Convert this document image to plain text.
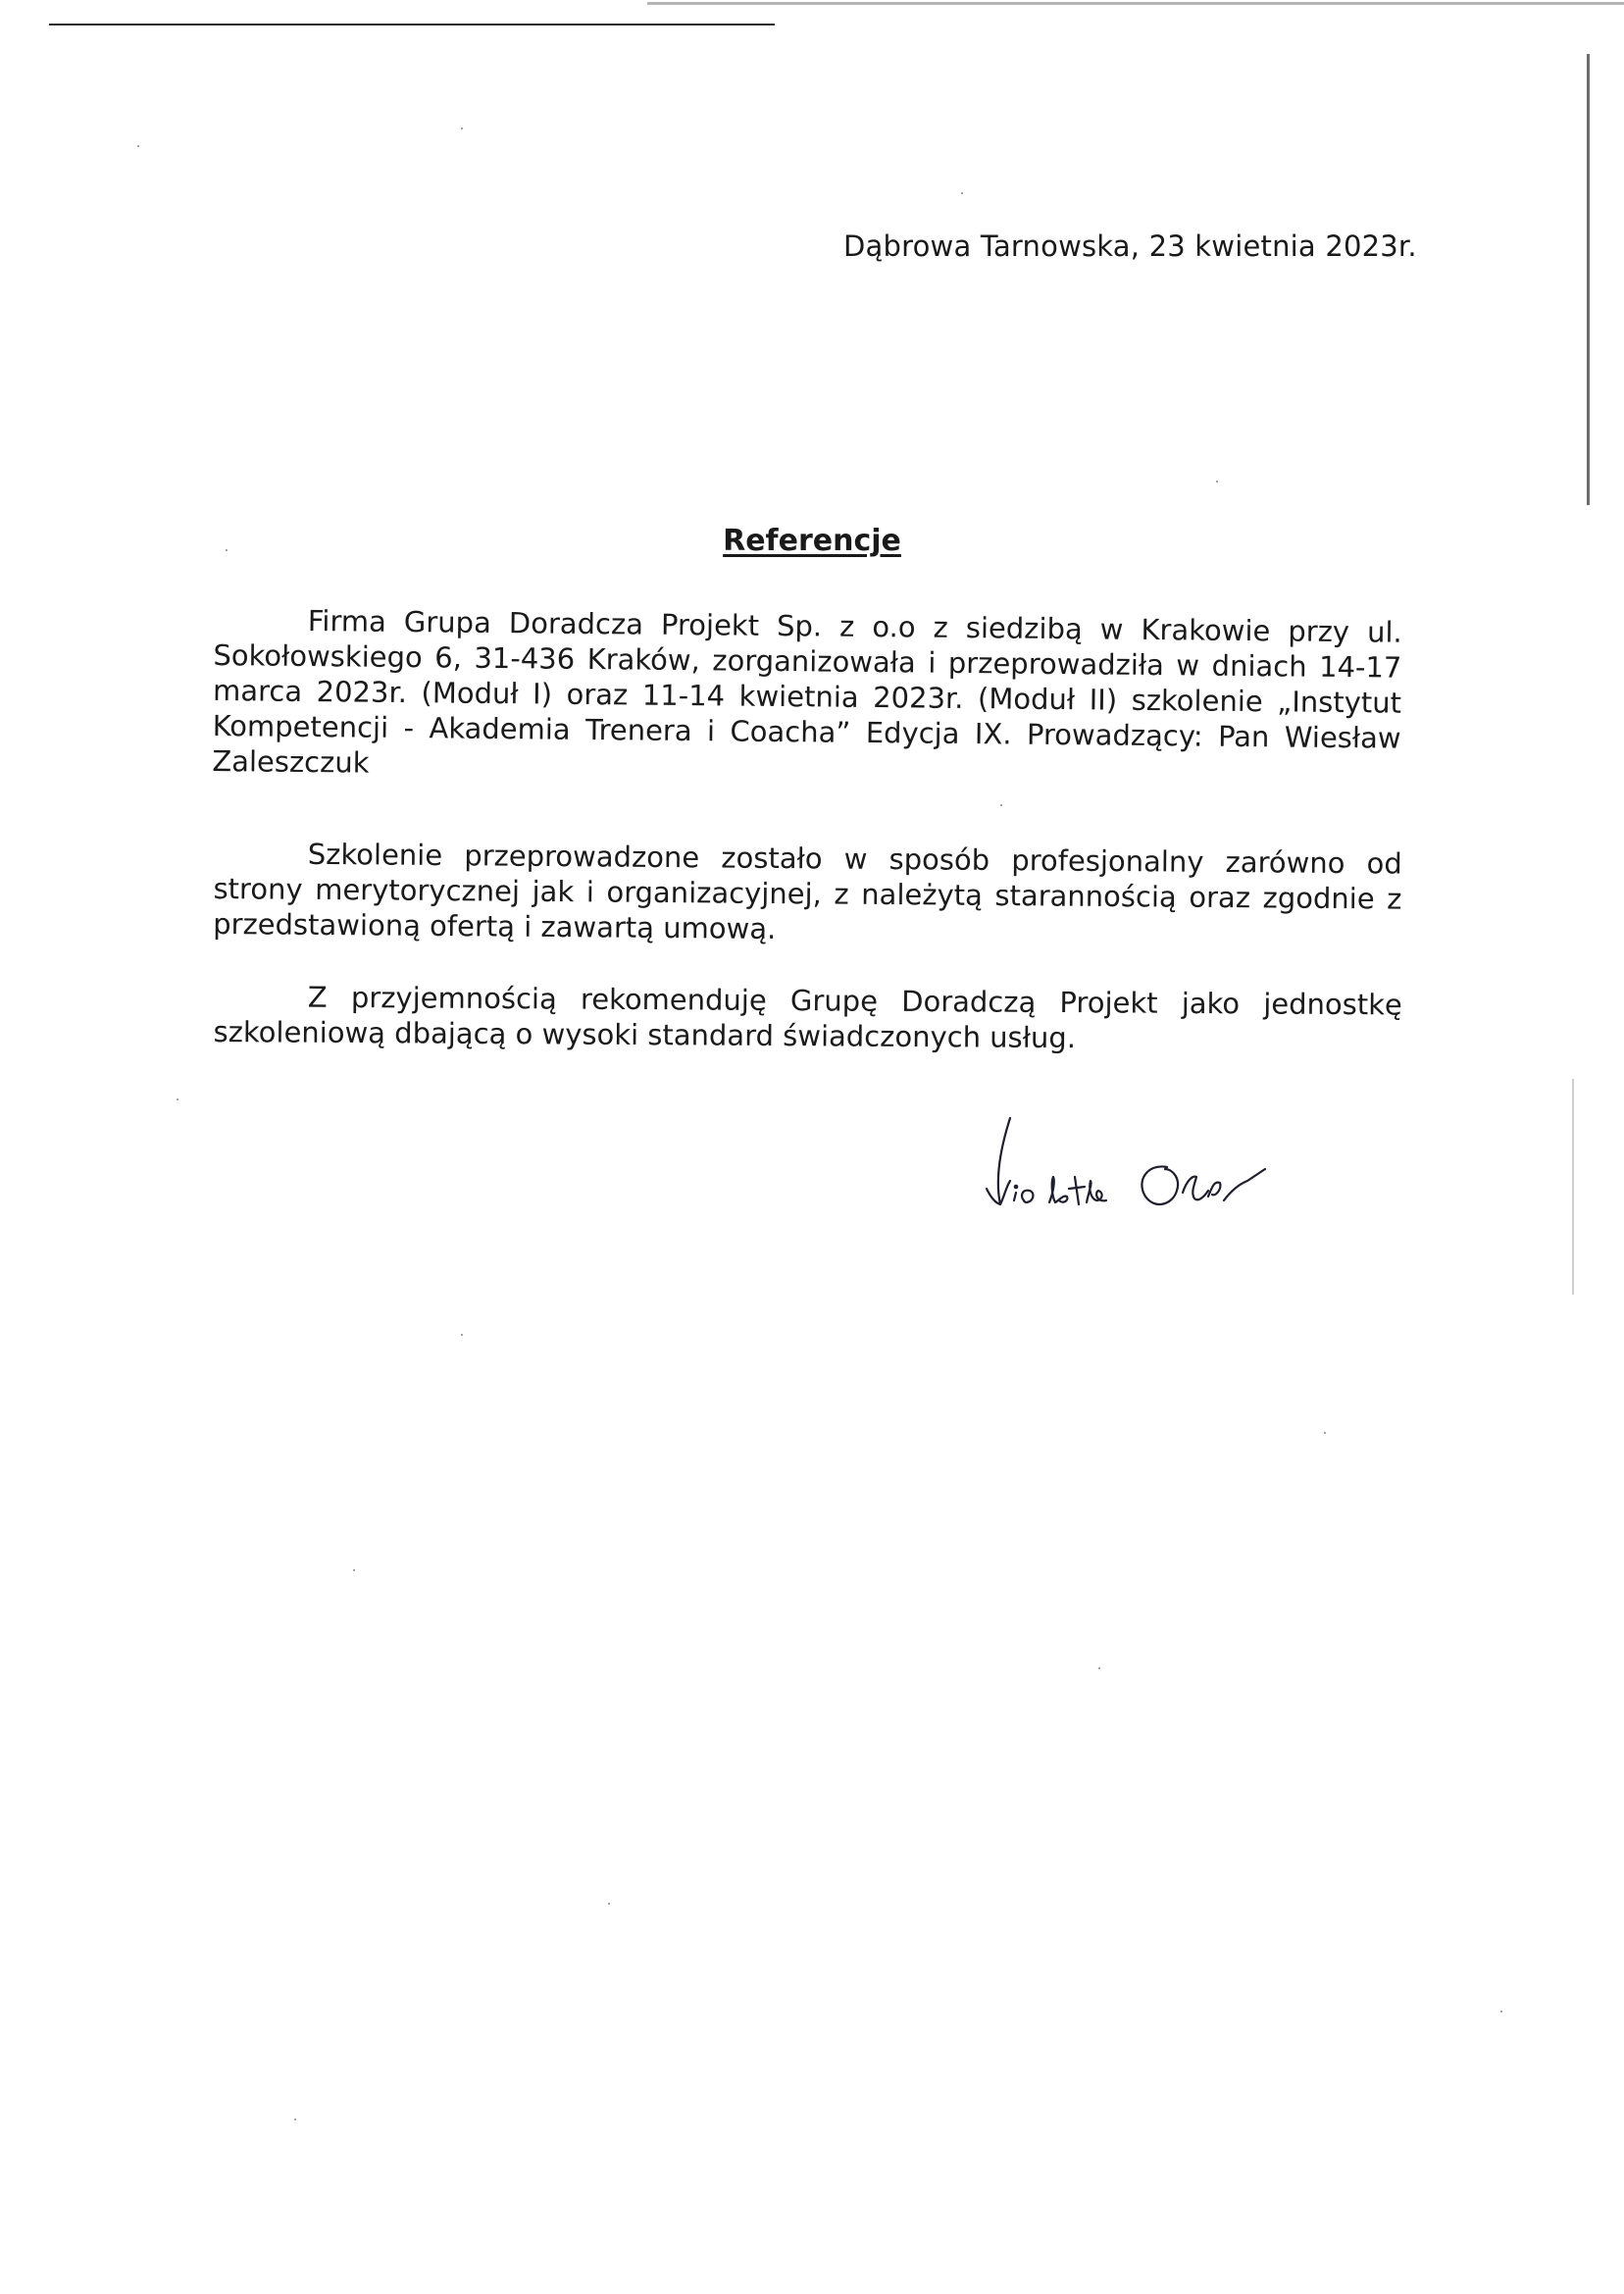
Dąbrowa Tarnowska, 23 kwietnia 2023r.
Referencje

Firma Grupa Doradcza Projekt Sp. z o.o z siedzibą w Krakowie przy ul. Sokołowskiego 6, 31-436 Kraków, zorganizowała i przeprowadziła w dniach 14-17 marca 2023r. (Moduł I) oraz 11-14 kwietnia 2023r. (Moduł II) szkolenie „Instytut Kompetencji - Akademia Trenera i Coacha” Edycja IX. Prowadzący: Pan Wiesław Zaleszczuk

Szkolenie przeprowadzone zostało w sposób profesjonalny zarówno od strony merytorycznej jak i organizacyjnej, z należytą starannością oraz zgodnie z przedstawioną ofertą i zawartą umową.

Z przyjemnością rekomenduję Grupę Doradczą Projekt jako jednostkę szkoleniową dbającą o wysoki standard świadczonych usług.
